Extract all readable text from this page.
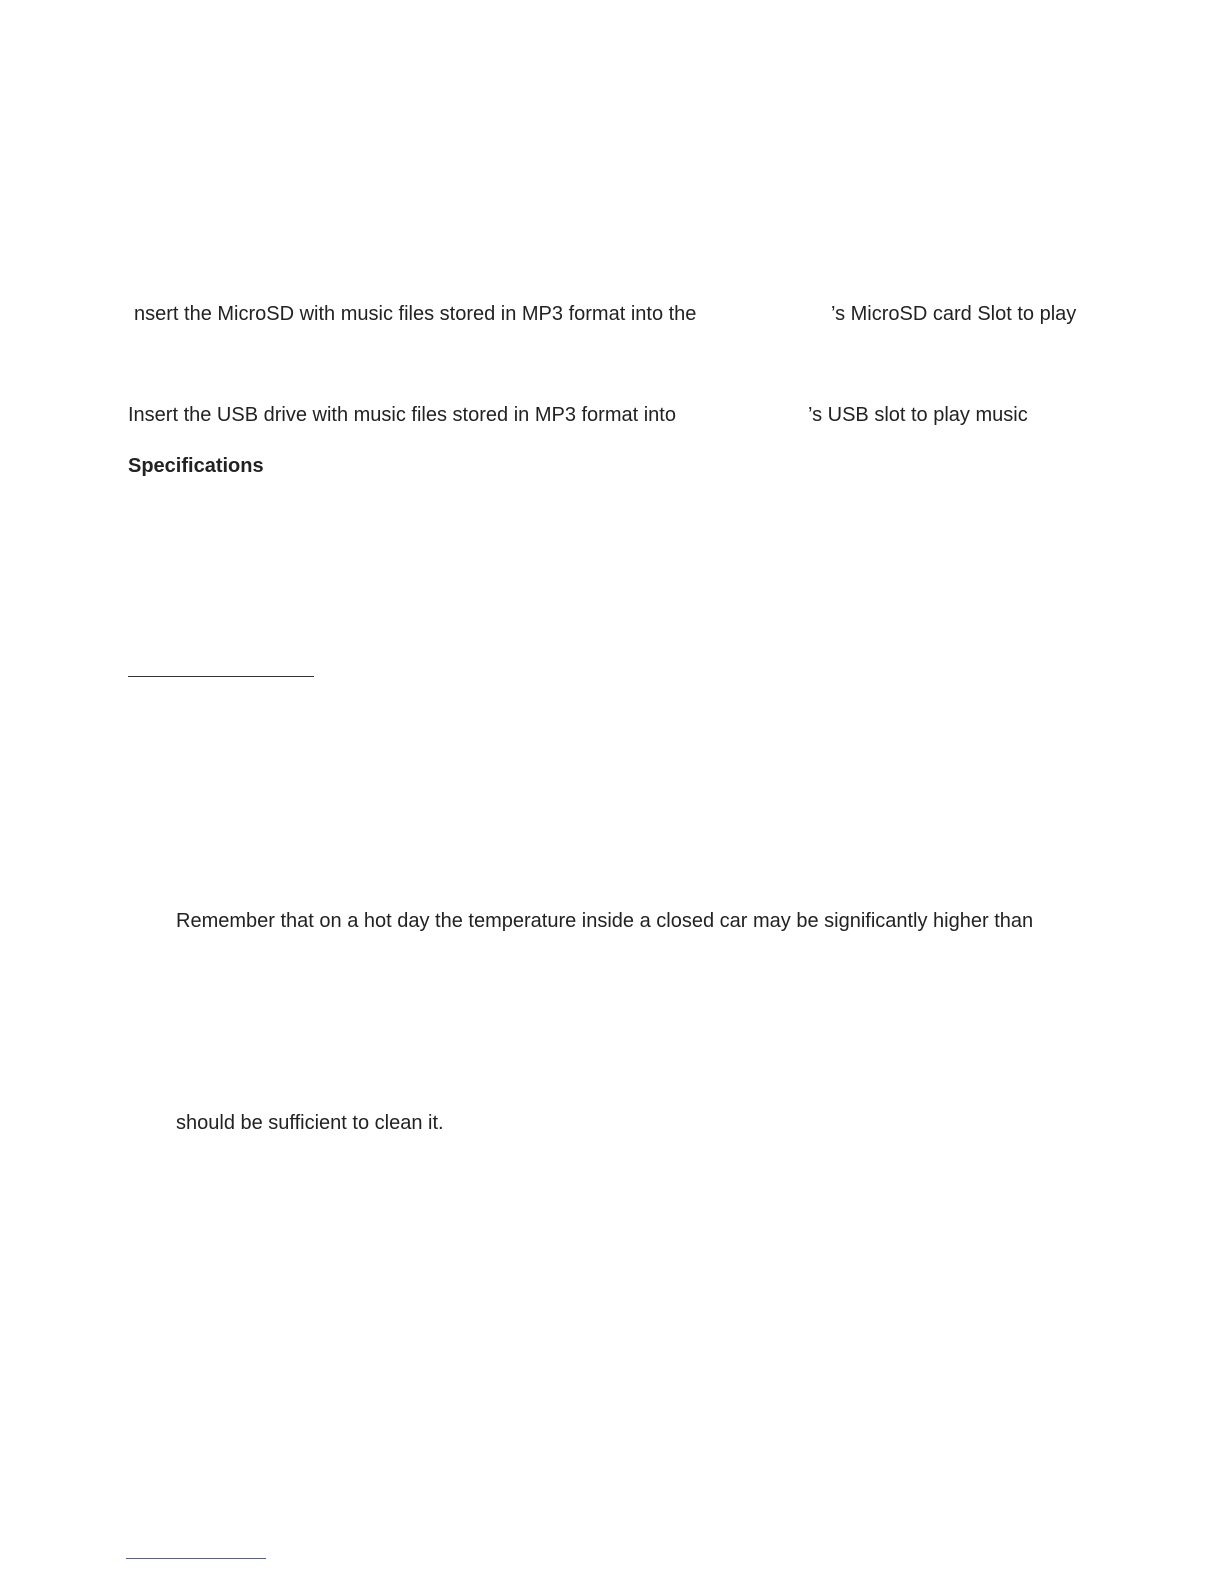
nsert the MicroSD with music files stored in MP3 format into the	’s MicroSD card Slot to play
Insert the USB drive with music files stored in MP3 format into	’s USB slot to play music
Specifications
Remember that on a hot day the temperature inside a closed car may be significantly higher than
should be sufficient to clean it.
